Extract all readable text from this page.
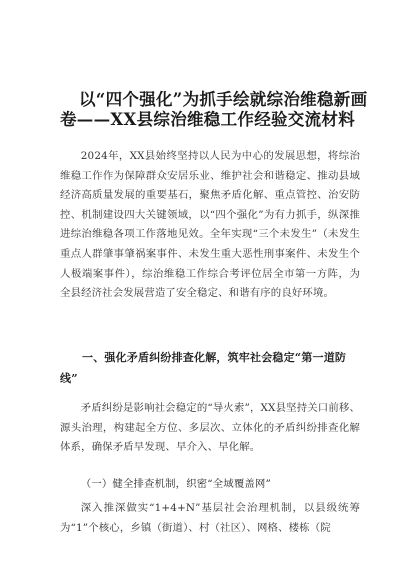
以“四个强化”为抓手绘就综治维稳新画
卷——XX县综治维稳工作经验交流材料
2024年，XX县始终坚持以人民为中心的发展思想，将综治维稳工作作为保障群众安居乐业、维护社会和谐稳定、推动县域经济高质量发展的重要基石，聚焦矛盾化解、重点管控、治安防控、机制建设四大关键领域，以“四个强化”为有力抓手，纵深推进综治维稳各项工作落地见效。全年实现“三个未发生”（未发生重点人群肇事肇祸案事件、未发生重大恶性刑事案件、未发生个人极端案事件），综治维稳工作综合考评位居全市第一方阵，为全县经济社会发展营造了安全稳定、和谐有序的良好环境。
一、强化矛盾纠纷排查化解，筑牢社会稳定“第一道防线”
矛盾纠纷是影响社会稳定的“导火索”，XX县坚持关口前移、源头治理，构建起全方位、多层次、立体化的矛盾纠纷排查化解体系，确保矛盾早发现、早介入、早化解。
（一）健全排查机制，织密“全域覆盖网”
深入推深做实“1+4+N”基层社会治理机制，以县级统筹为“1”个核心，乡镇（街道）、村（社区）、网格、楼栋（院
